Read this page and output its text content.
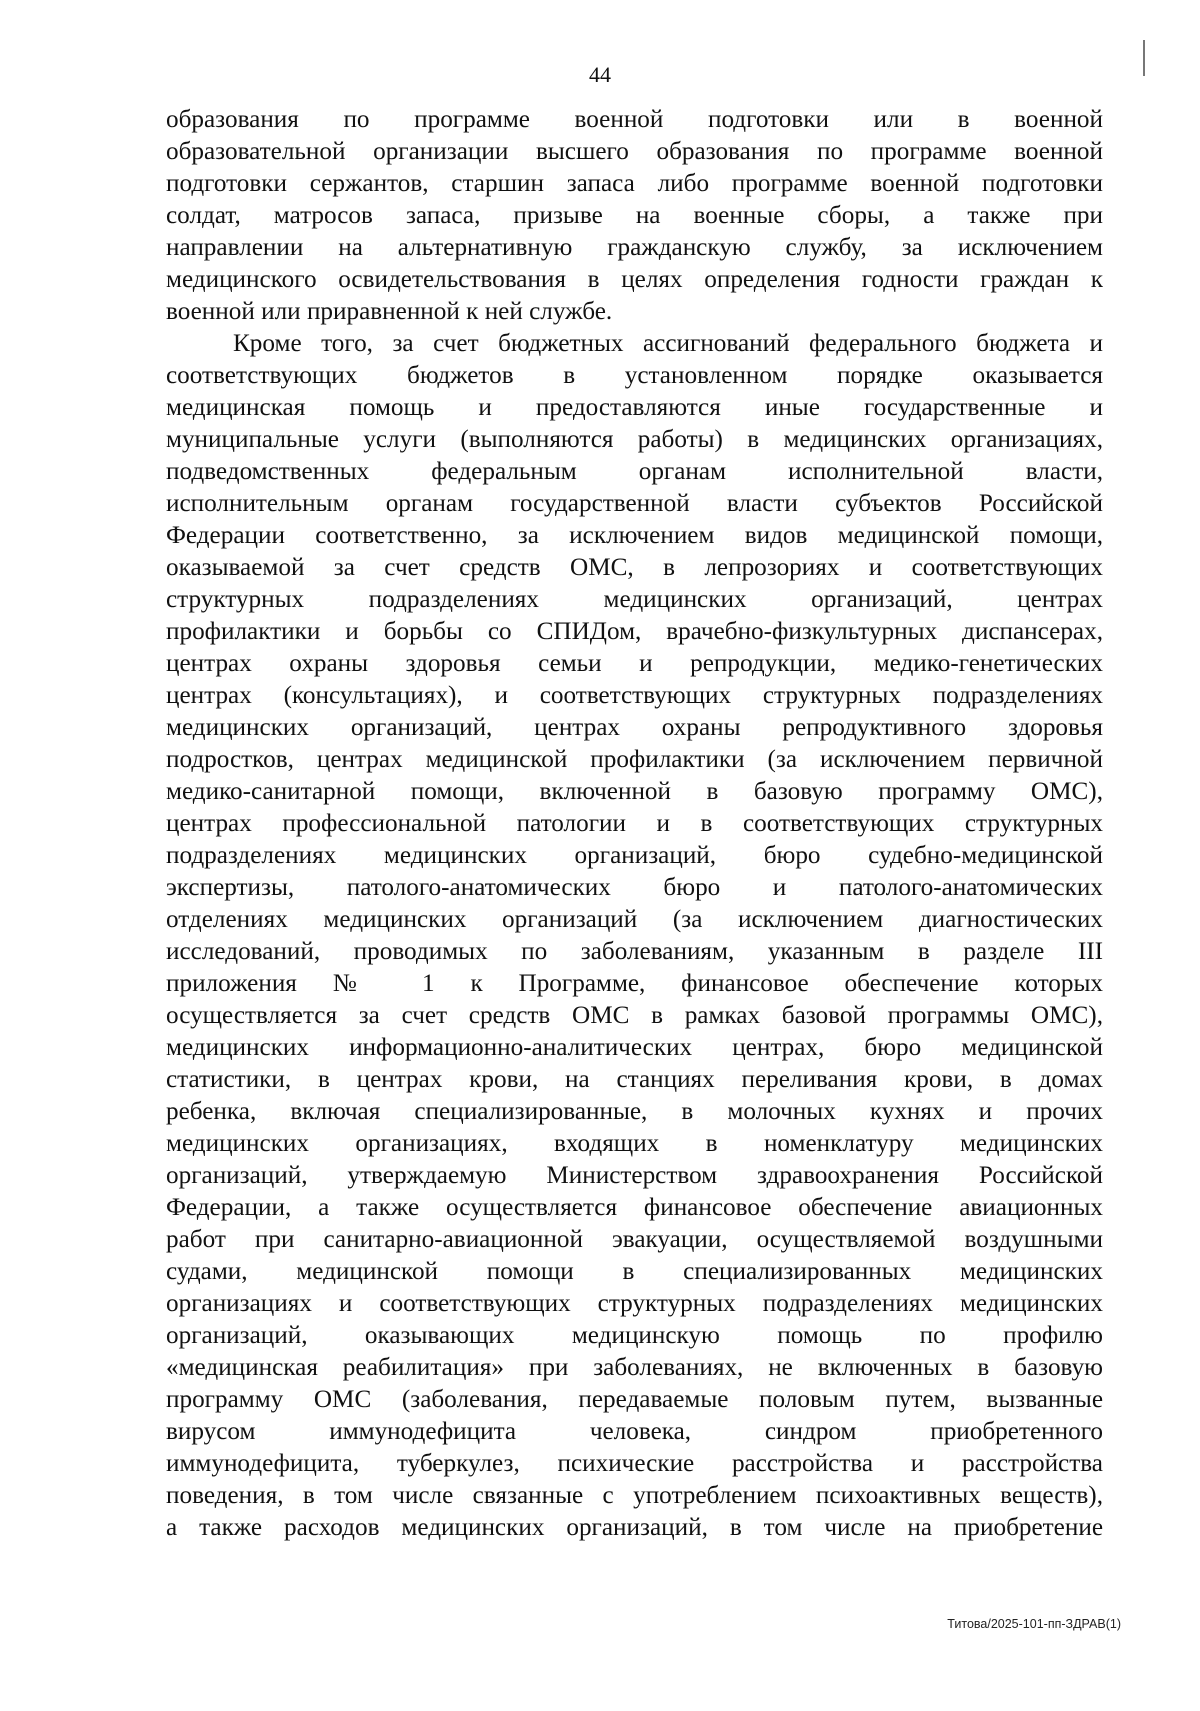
44
образования по программе военной подготовки или в военной
образовательной организации высшего образования по программе военной
подготовки сержантов, старшин запаса либо программе военной подготовки
солдат, матросов запаса, призыве на военные сборы, а также при
направлении на альтернативную гражданскую службу, за исключением
медицинского освидетельствования в целях определения годности граждан к
военной или приравненной к ней службе.
Кроме того, за счет бюджетных ассигнований федерального бюджета и
соответствующих бюджетов в установленном порядке оказывается
медицинская помощь и предоставляются иные государственные и
муниципальные услуги (выполняются работы) в медицинских организациях,
подведомственных федеральным органам исполнительной власти,
исполнительным органам государственной власти субъектов Российской
Федерации соответственно, за исключением видов медицинской помощи,
оказываемой за счет средств ОМС, в лепрозориях и соответствующих
структурных подразделениях медицинских организаций, центрах
профилактики и борьбы со СПИДом, врачебно-физкультурных диспансерах,
центрах охраны здоровья семьи и репродукции, медико-генетических
центрах (консультациях), и соответствующих структурных подразделениях
медицинских организаций, центрах охраны репродуктивного здоровья
подростков, центрах медицинской профилактики (за исключением первичной
медико-санитарной помощи, включенной в базовую программу ОМС),
центрах профессиональной патологии и в соответствующих структурных
подразделениях медицинских организаций, бюро судебно-медицинской
экспертизы, патолого-анатомических бюро и патолого-анатомических
отделениях медицинских организаций (за исключением диагностических
исследований, проводимых по заболеваниям, указанным в разделе III
приложения № 1 к Программе, финансовое обеспечение которых
осуществляется за счет средств ОМС в рамках базовой программы ОМС),
медицинских информационно-аналитических центрах, бюро медицинской
статистики, в центрах крови, на станциях переливания крови, в домах
ребенка, включая специализированные, в молочных кухнях и прочих
медицинских организациях, входящих в номенклатуру медицинских
организаций, утверждаемую Министерством здравоохранения Российской
Федерации, а также осуществляется финансовое обеспечение авиационных
работ при санитарно-авиационной эвакуации, осуществляемой воздушными
судами, медицинской помощи в специализированных медицинских
организациях и соответствующих структурных подразделениях медицинских
организаций, оказывающих медицинскую помощь по профилю
«медицинская реабилитация» при заболеваниях, не включенных в базовую
программу ОМС (заболевания, передаваемые половым путем, вызванные
вирусом иммунодефицита человека, синдром приобретенного
иммунодефицита, туберкулез, психические расстройства и расстройства
поведения, в том числе связанные с употреблением психоактивных веществ),
а также расходов медицинских организаций, в том числе на приобретение
Титова/2025-101-пп-ЗДРАВ(1)
